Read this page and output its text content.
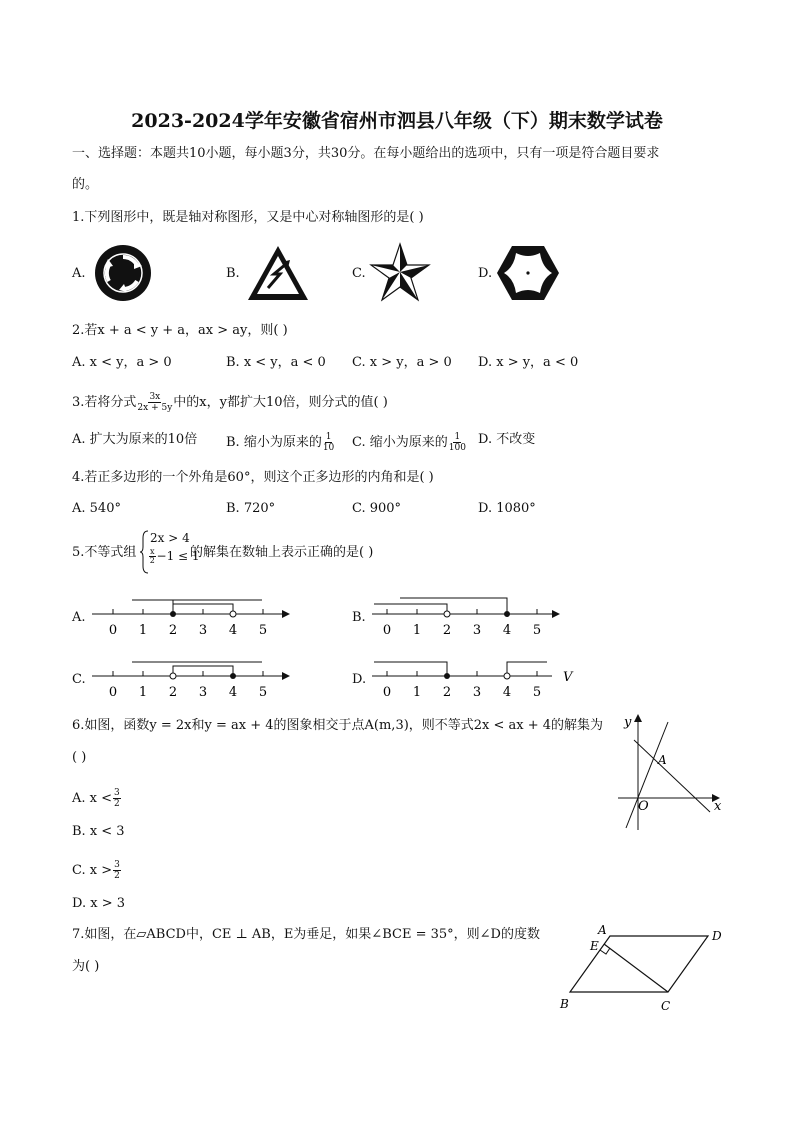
2023-2024学年安徽省宿州市泗县八年级（下）期末数学试卷
一、选择题：本题共10小题，每小题3分，共30分。在每小题给出的选项中，只有一项是符合题目要求
的。
1.下列图形中，既是轴对称图形，又是中心对称轴图形的是( )
A.	B.	C.	D.
2.若x + a < y + a，ax > ay，则( )
A. x < y，a > 0	B. x < y，a < 0 C. x > y，a > 0 D. x > y，a < 0
3.若将分式 $\frac{3x}{2x + 5y}$ 中的x，y都扩大10倍，则分式的值( )
A. 扩大为原来的10倍 B. 缩小为原来的 $\frac{1}{10} C$. 缩小为原来的 $\frac{1}{100} D$. 不改变
4.若正多边形的一个外角是60°，则这个正多边形的内角和是( )
A. 540°	B. 720°	C. 900°	D. 1080°
5.不等式组
2x > 4
$\frac{x}{2} -1 \le 1$
的解集在数轴上表示正确的是( )
A.	B.
C.	D.
0 1 2 3 4 5	0 1 2 3 4 5
0 1 2 3 4 5
V
0 1 2 3 4 5
6.如图，函数y = 2x和y = ax + 4的图象相交于点A(m,3)，则不等式2x < ax + 4的解集为
( )
A. $x < \frac{3}{2}$
B. x < 3
C. $x > \frac{3}{2}$
D. x > 3
y
x
O
A
7.如图，在▱ABCD中，CE ⊥ AB，E为垂足，如果∠BCE = 35°，则∠D的度数
为( )
A	D
B	C
E
